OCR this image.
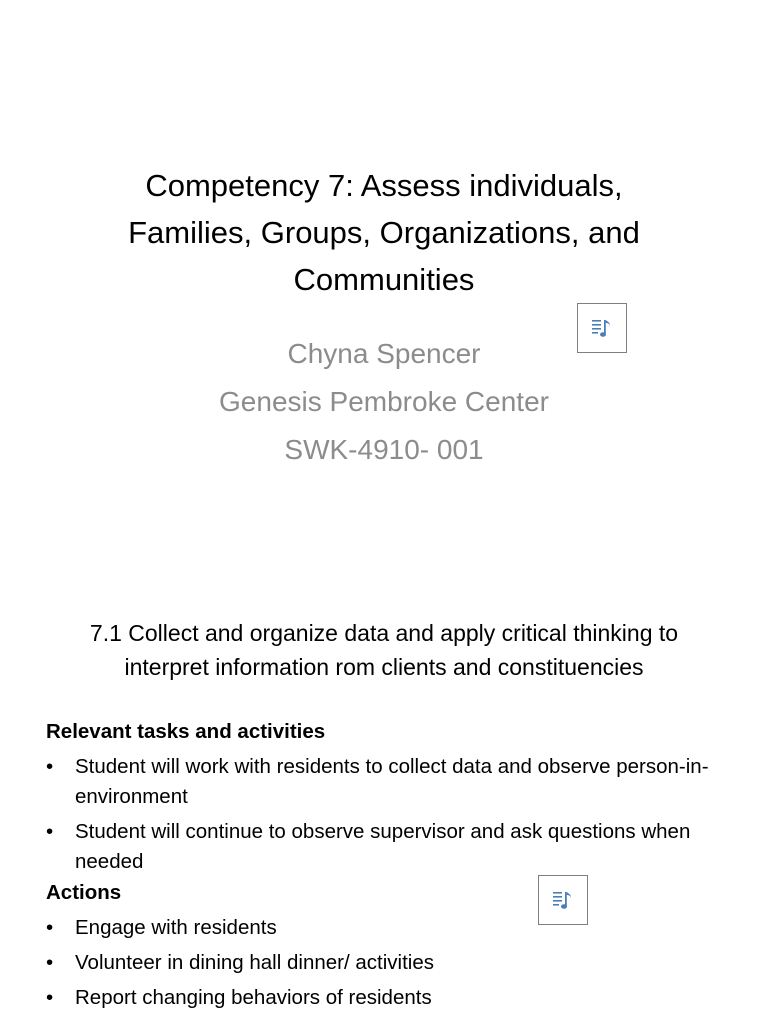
Competency 7: Assess individuals,
Families, Groups, Organizations, and
Communities
Chyna Spencer
Genesis Pembroke Center
SWK-4910- 001
7.1 Collect and organize data and apply critical thinking to
interpret information rom clients and constituencies

Relevant tasks and activities

• Student will work with residents to collect data and observe person-in-environment
• Student will continue to observe supervisor and ask questions when needed

Actions

• Engage with residents
• Volunteer in dining hall dinner/ activities
• Report changing behaviors of residents
